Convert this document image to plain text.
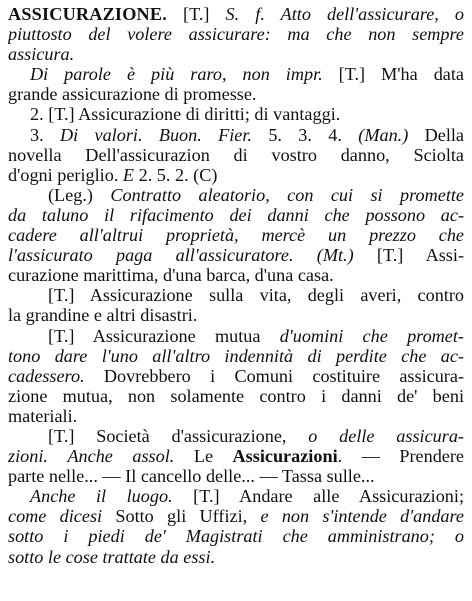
ASSICURAZIONE. [T.] S. f. Atto dell'assicurare, o
piuttosto del volere assicurare: ma che non sempre
assicura.
Di parole è più raro, non impr. [T.] M'ha data
grande assicurazione di promesse.
2. [T.] Assicurazione di diritti; di vantaggi.
3. Di valori. Buon. Fier. 5. 3. 4. (Man.) Della
novella Dell'assicurazion di vostro danno, Sciolta
d'ogni periglio. E 2. 5. 2. (C)
(Leg.) Contratto aleatorio, con cui si promette
da taluno il rifacimento dei danni che possono ac-
cadere all'altrui proprietà, mercè un prezzo che
l'assicurato paga all'assicuratore. (Mt.) [T.] Assi-
curazione marittima, d'una barca, d'una casa.
[T.] Assicurazione sulla vita, degli averi, contro
la grandine e altri disastri.
[T.] Assicurazione mutua d'uomini che promet-
tono dare l'uno all'altro indennità di perdite che ac-
cadessero. Dovrebbero i Comuni costituire assicura-
zione mutua, non solamente contro i danni de' beni
materiali.
[T.] Società d'assicurazione, o delle assicura-
zioni. Anche assol. Le Assicurazioni. — Prendere
parte nelle... — Il cancello delle... — Tassa sulle...
Anche il luogo. [T.] Andare alle Assicurazioni;
come dicesi Sotto gli Uffizi, e non s'intende d'andare
sotto i piedi de' Magistrati che amministrano; o
sotto le cose trattate da essi.
